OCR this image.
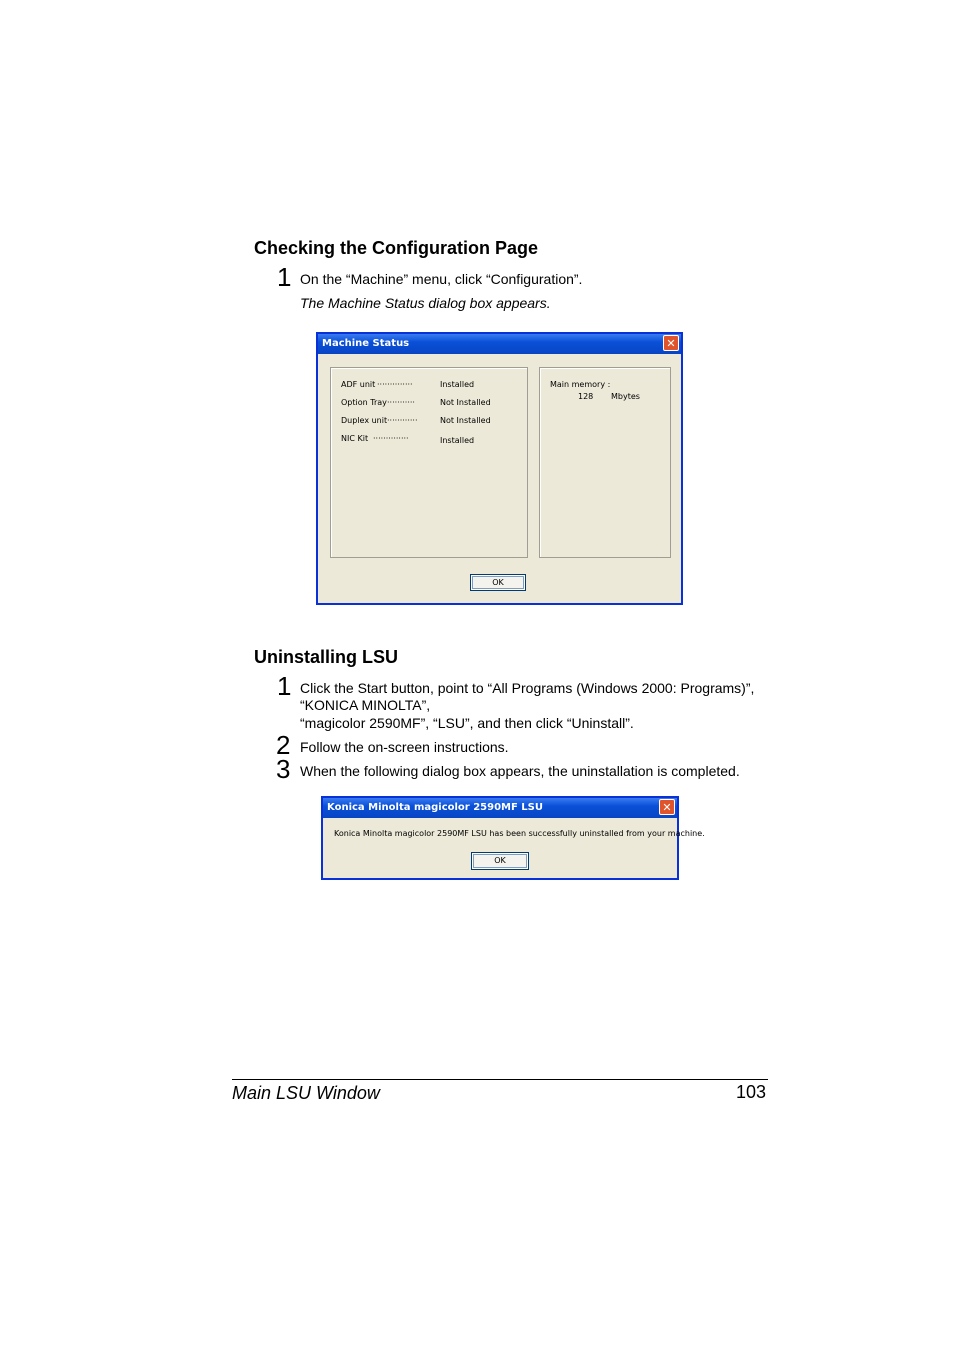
Checking the Configuration Page
1 On the “Machine” menu, click “Configuration”.
The Machine Status dialog box appears.
Machine Status	✕
ADF unit ··············	Installed
Option Tray ···········	Not Installed
Duplex unit ············	Not Installed
NIC Kit ··············	Installed
Main memory :
128 Mbytes
OK
Uninstalling LSU
1 Click the Start button, point to “All Programs (Windows 2000: Programs)”,
“KONICA MINOLTA”,
“magicolor 2590MF”, “LSU”, and then click “Uninstall”.
2 Follow the on-screen instructions.
3 When the following dialog box appears, the uninstallation is completed.
Konica Minolta magicolor 2590MF LSU	✕
Konica Minolta magicolor 2590MF LSU has been successfully uninstalled from your machine.
OK
Main LSU Window	103
